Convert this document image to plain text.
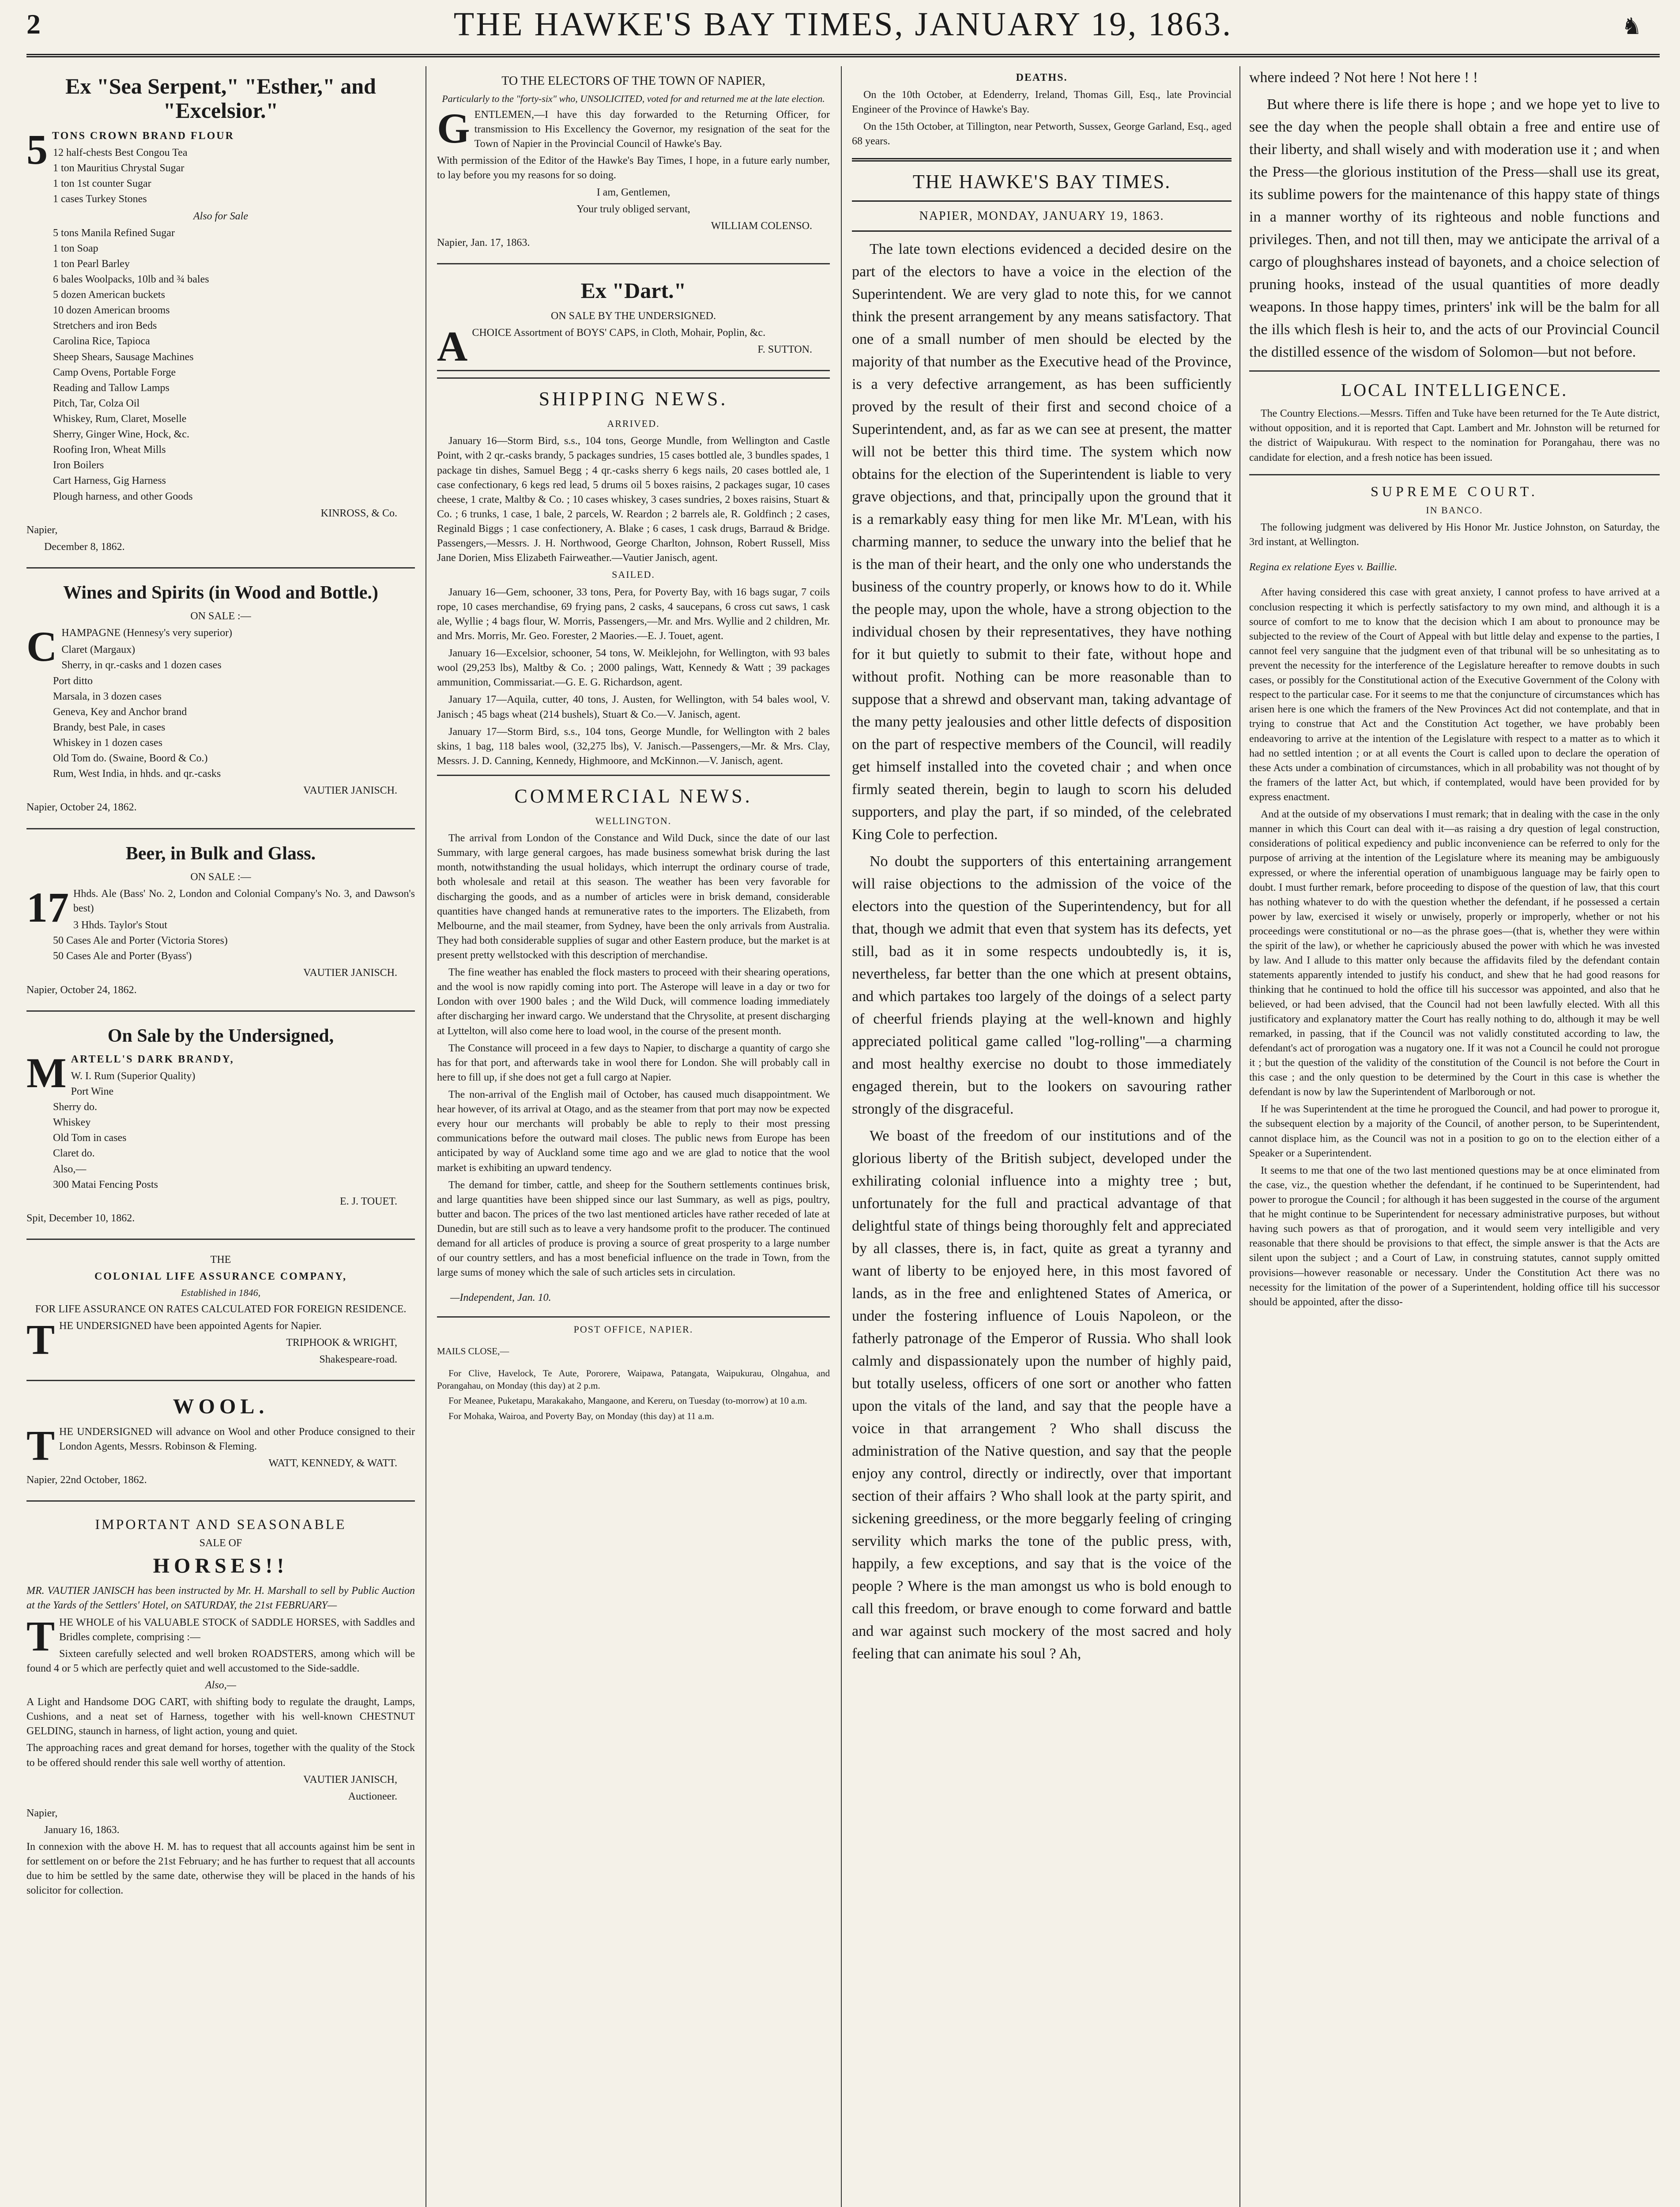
2	THE HAWKE'S BAY TIMES, JANUARY 19, 1863.	♞
Ex "Sea Serpent," "Esther," and "Excelsior."

5 TONS CROWN BRAND FLOUR

12 half-chests Best Congou Tea
1 ton Mauritius Chrystal Sugar
1 ton 1st counter Sugar
1 cases Turkey Stones

Also for Sale

5 tons Manila Refined Sugar
1 ton Soap
1 ton Pearl Barley
6 bales Woolpacks, 10lb and ¾ bales
5 dozen American buckets
10 dozen American brooms
Stretchers and iron Beds
Carolina Rice, Tapioca
Sheep Shears, Sausage Machines
Camp Ovens, Portable Forge
Reading and Tallow Lamps
Pitch, Tar, Colza Oil
Whiskey, Rum, Claret, Moselle
Sherry, Ginger Wine, Hock, &c.
Roofing Iron, Wheat Mills
Iron Boilers
Cart Harness, Gig Harness
Plough harness, and other Goods

KINROSS, & Co.

Napier,

December 8, 1862.

Wines and Spirits (in Wood and Bottle.)

ON SALE :—

CHAMPAGNE (Hennesy's very superior)

Claret (Margaux)
Sherry, in qr.-casks and 1 dozen cases
Port ditto
Marsala, in 3 dozen cases
Geneva, Key and Anchor brand
Brandy, best Pale, in cases
Whiskey in 1 dozen cases
Old Tom do. (Swaine, Boord & Co.)
Rum, West India, in hhds. and qr.-casks

VAUTIER JANISCH.

Napier, October 24, 1862.

Beer, in Bulk and Glass.

ON SALE :—

17 Hhds. Ale (Bass' No. 2, London and Colonial Company's No. 3, and Dawson's best)

3 Hhds. Taylor's Stout
50 Cases Ale and Porter (Victoria Stores)
50 Cases Ale and Porter (Byass')

VAUTIER JANISCH.

Napier, October 24, 1862.

On Sale by the Undersigned,

MARTELL'S DARK BRANDY,

W. I. Rum (Superior Quality)
Port Wine
Sherry do.
Whiskey
Old Tom in cases
Claret do.
Also,—
300 Matai Fencing Posts

E. J. TOUET.

Spit, December 10, 1862.

THE

COLONIAL LIFE ASSURANCE COMPANY,

Established in 1846,

FOR LIFE ASSURANCE ON RATES CALCULATED FOR FOREIGN RESIDENCE.

THE UNDERSIGNED have been appointed Agents for Napier.

TRIPHOOK & WRIGHT,

Shakespeare-road.

WOOL.

THE UNDERSIGNED will advance on Wool and other Produce consigned to their London Agents, Messrs. Robinson & Fleming.

WATT, KENNEDY, & WATT.

Napier, 22nd October, 1862.

IMPORTANT AND SEASONABLE

SALE OF

HORSES!!

MR. VAUTIER JANISCH has been instructed by Mr. H. Marshall to sell by Public Auction at the Yards of the Settlers' Hotel, on SATURDAY, the 21st FEBRUARY—

THE WHOLE of his VALUABLE STOCK of SADDLE HORSES, with Saddles and Bridles complete, comprising :—

Sixteen carefully selected and well broken ROADSTERS, among which will be found 4 or 5 which are perfectly quiet and well accustomed to the Side-saddle.

Also,—

A Light and Handsome DOG CART, with shifting body to regulate the draught, Lamps, Cushions, and a neat set of Harness, together with his well-known CHESTNUT GELDING, staunch in harness, of light action, young and quiet.

The approaching races and great demand for horses, together with the quality of the Stock to be offered should render this sale well worthy of attention.

VAUTIER JANISCH,

Auctioneer.

Napier,

January 16, 1863.

In connexion with the above H. M. has to request that all accounts against him be sent in for settlement on or before the 21st February; and he has further to request that all accounts due to him be settled by the same date, otherwise they will be placed in the hands of his solicitor for collection.

TO THE ELECTORS OF THE TOWN OF NAPIER,

Particularly to the "forty-six" who, UNSOLICITED, voted for and returned me at the late election.

GENTLEMEN,—I have this day forwarded to the Returning Officer, for transmission to His Excellency the Governor, my resignation of the seat for the Town of Napier in the Provincial Council of Hawke's Bay.

With permission of the Editor of the Hawke's Bay Times, I hope, in a future early number, to lay before you my reasons for so doing.

I am, Gentlemen,

Your truly obliged servant,

WILLIAM COLENSO.

Napier, Jan. 17, 1863.

Ex "Dart."

ON SALE BY THE UNDERSIGNED.

ACHOICE Assortment of BOYS' CAPS, in Cloth, Mohair, Poplin, &c.

F. SUTTON.

SHIPPING NEWS.
ARRIVED.

January 16—Storm Bird, s.s., 104 tons, George Mundle, from Wellington and Castle Point, with 2 qr.-casks brandy, 5 packages sundries, 15 cases bottled ale, 3 bundles spades, 1 package tin dishes, Samuel Begg ; 4 qr.-casks sherry 6 kegs nails, 20 cases bottled ale, 1 case confectionary, 6 kegs red lead, 5 drums oil 5 boxes raisins, 2 packages sugar, 10 cases cheese, 1 crate, Maltby & Co. ; 10 cases whiskey, 3 cases sundries, 2 boxes raisins, Stuart & Co. ; 6 trunks, 1 case, 1 bale, 2 parcels, W. Reardon ; 2 barrels ale, R. Goldfinch ; 2 cases, Reginald Biggs ; 1 case confectionery, A. Blake ; 6 cases, 1 cask drugs, Barraud & Bridge. Passengers,—Messrs. J. H. Northwood, George Charlton, Johnson, Robert Russell, Miss Jane Dorien, Miss Elizabeth Fairweather.—Vautier Janisch, agent.

SAILED.

January 16—Gem, schooner, 33 tons, Pera, for Poverty Bay, with 16 bags sugar, 7 coils rope, 10 cases merchandise, 69 frying pans, 2 casks, 4 saucepans, 6 cross cut saws, 1 cask ale, Wyllie ; 4 bags flour, W. Morris, Passengers,—Mr. and Mrs. Wyllie and 2 children, Mr. and Mrs. Morris, Mr. Geo. Forester, 2 Maories.—E. J. Touet, agent.

January 16—Excelsior, schooner, 54 tons, W. Meiklejohn, for Wellington, with 93 bales wool (29,253 lbs), Maltby & Co. ; 2000 palings, Watt, Kennedy & Watt ; 39 packages ammunition, Commissariat.—G. E. G. Richardson, agent.

January 17—Aquila, cutter, 40 tons, J. Austen, for Wellington, with 54 bales wool, V. Janisch ; 45 bags wheat (214 bushels), Stuart & Co.—V. Janisch, agent.

January 17—Storm Bird, s.s., 104 tons, George Mundle, for Wellington with 2 bales skins, 1 bag, 118 bales wool, (32,275 lbs), V. Janisch.—Passengers,—Mr. & Mrs. Clay, Messrs. J. D. Canning, Kennedy, Highmoore, and McKinnon.—V. Janisch, agent.

COMMERCIAL NEWS.
WELLINGTON.

The arrival from London of the Constance and Wild Duck, since the date of our last Summary, with large general cargoes, has made business somewhat brisk during the last month, notwithstanding the usual holidays, which interrupt the ordinary course of trade, both wholesale and retail at this season. The weather has been very favorable for discharging the goods, and as a number of articles were in brisk demand, considerable quantities have changed hands at remunerative rates to the importers. The Elizabeth, from Melbourne, and the mail steamer, from Sydney, have been the only arrivals from Australia. They had both considerable supplies of sugar and other Eastern produce, but the market is at present pretty wellstocked with this description of merchandise.

The fine weather has enabled the flock masters to proceed with their shearing operations, and the wool is now rapidly coming into port. The Asterope will leave in a day or two for London with over 1900 bales ; and the Wild Duck, will commence loading immediately after discharging her inward cargo. We understand that the Chrysolite, at present discharging at Lyttelton, will also come here to load wool, in the course of the present month.

The Constance will proceed in a few days to Napier, to discharge a quantity of cargo she has for that port, and afterwards take in wool there for London. She will probably call in here to fill up, if she does not get a full cargo at Napier.

The non-arrival of the English mail of October, has caused much disappointment. We hear however, of its arrival at Otago, and as the steamer from that port may now be expected every hour our merchants will probably be able to reply to their most pressing communications before the outward mail closes. The public news from Europe has been anticipated by way of Auckland some time ago and we are glad to notice that the wool market is exhibiting an upward tendency.

The demand for timber, cattle, and sheep for the Southern settlements continues brisk, and large quantities have been shipped since our last Summary, as well as pigs, poultry, butter and bacon. The prices of the two last mentioned articles have rather receded of late at Dunedin, but are still such as to leave a very handsome profit to the producer. The continued demand for all articles of produce is proving a source of great prosperity to a large number of our country settlers, and has a most beneficial influence on the trade in Town, from the large sums of money which the sale of such articles sets in circulation.

—Independent, Jan. 10.

POST OFFICE, NAPIER.

MAILS CLOSE,—

For Clive, Havelock, Te Aute, Pororere, Waipawa, Patangata, Waipukurau, Olngahua, and Porangahau, on Monday (this day) at 2 p.m.

For Meanee, Puketapu, Marakakaho, Mangaone, and Kereru, on Tuesday (to-morrow) at 10 a.m.

For Mohaka, Wairoa, and Poverty Bay, on Monday (this day) at 11 a.m.

DEATHS.

On the 10th October, at Edenderry, Ireland, Thomas Gill, Esq., late Provincial Engineer of the Province of Hawke's Bay.

On the 15th October, at Tillington, near Petworth, Sussex, George Garland, Esq., aged 68 years.

THE HAWKE'S BAY TIMES.
NAPIER, MONDAY, JANUARY 19, 1863.

The late town elections evidenced a decided desire on the part of the electors to have a voice in the election of the Superintendent. We are very glad to note this, for we cannot think the present arrangement by any means satisfactory. That one of a small number of men should be elected by the majority of that number as the Executive head of the Province, is a very defective arrangement, as has been sufficiently proved by the result of their first and second choice of a Superintendent, and, as far as we can see at present, the matter will not be better this third time. The system which now obtains for the election of the Superintendent is liable to very grave objections, and that, principally upon the ground that it is a remarkably easy thing for men like Mr. M'Lean, with his charming manner, to seduce the unwary into the belief that he is the man of their heart, and the only one who understands the business of the country properly, or knows how to do it. While the people may, upon the whole, have a strong objection to the individual chosen by their representatives, they have nothing for it but quietly to submit to their fate, without hope and without profit. Nothing can be more reasonable than to suppose that a shrewd and observant man, taking advantage of the many petty jealousies and other little defects of disposition on the part of respective members of the Council, will readily get himself installed into the coveted chair ; and when once firmly seated therein, begin to laugh to scorn his deluded supporters, and play the part, if so minded, of the celebrated King Cole to perfection.

No doubt the supporters of this entertaining arrangement will raise objections to the admission of the voice of the electors into the question of the Superintendency, but for all that, though we admit that even that system has its defects, yet still, bad as it in some respects undoubtedly is, it is, nevertheless, far better than the one which at present obtains, and which partakes too largely of the doings of a select party of cheerful friends playing at the well-known and highly appreciated political game called "log-rolling"—a charming and most healthy exercise no doubt to those immediately engaged therein, but to the lookers on savouring rather strongly of the disgraceful.

We boast of the freedom of our institutions and of the glorious liberty of the British subject, developed under the exhilirating colonial influence into a mighty tree ; but, unfortunately for the full and practical advantage of that delightful state of things being thoroughly felt and appreciated by all classes, there is, in fact, quite as great a tyranny and want of liberty to be enjoyed here, in this most favored of lands, as in the free and enlightened States of America, or under the fostering influence of Louis Napoleon, or the fatherly patronage of the Emperor of Russia. Who shall look calmly and dispassionately upon the number of highly paid, but totally useless, officers of one sort or another who fatten upon the vitals of the land, and say that the people have a voice in that arrangement ? Who shall discuss the administration of the Native question, and say that the people enjoy any control, directly or indirectly, over that important section of their affairs ? Who shall look at the party spirit, and sickening greediness, or the more beggarly feeling of cringing servility which marks the tone of the public press, with, happily, a few exceptions, and say that is the voice of the people ? Where is the man amongst us who is bold enough to call this freedom, or brave enough to come forward and battle and war against such mockery of the most sacred and holy feeling that can animate his soul ? Ah,

where indeed ? Not here ! Not here ! !

But where there is life there is hope ; and we hope yet to live to see the day when the people shall obtain a free and entire use of their liberty, and shall wisely and with moderation use it ; and when the Press—the glorious institution of the Press—shall use its great, its sublime powers for the maintenance of this happy state of things in a manner worthy of its righteous and noble functions and privileges. Then, and not till then, may we anticipate the arrival of a cargo of ploughshares instead of bayonets, and a choice selection of pruning hooks, instead of the usual quantities of more deadly weapons. In those happy times, printers' ink will be the balm for all the ills which flesh is heir to, and the acts of our Provincial Council the distilled essence of the wisdom of Solomon—but not before.

LOCAL INTELLIGENCE.

The Country Elections.—Messrs. Tiffen and Tuke have been returned for the Te Aute district, without opposition, and it is reported that Capt. Lambert and Mr. Johnston will be returned for the district of Waipukurau. With respect to the nomination for Porangahau, there was no candidate for election, and a fresh notice has been issued.

SUPREME COURT.
IN BANCO.

The following judgment was delivered by His Honor Mr. Justice Johnston, on Saturday, the 3rd instant, at Wellington.

Regina ex relatione Eyes v. Baillie.

After having considered this case with great anxiety, I cannot profess to have arrived at a conclusion respecting it which is perfectly satisfactory to my own mind, and although it is a source of comfort to me to know that the decision which I am about to pronounce may be subjected to the review of the Court of Appeal with but little delay and expense to the parties, I cannot feel very sanguine that the judgment even of that tribunal will be so unhesitating as to prevent the necessity for the interference of the Legislature hereafter to remove doubts in such cases, or possibly for the Constitutional action of the Executive Government of the Colony with respect to the particular case. For it seems to me that the conjuncture of circumstances which has arisen here is one which the framers of the New Provinces Act did not contemplate, and that in trying to construe that Act and the Constitution Act together, we have probably been endeavoring to arrive at the intention of the Legislature with respect to a matter as to which it had no settled intention ; or at all events the Court is called upon to declare the operation of these Acts under a combination of circumstances, which in all probability was not thought of by the framers of the latter Act, but which, if contemplated, would have been provided for by express enactment.

And at the outside of my observations I must remark; that in dealing with the case in the only manner in which this Court can deal with it—as raising a dry question of legal construction, considerations of political expediency and public inconvenience can be referred to only for the purpose of arriving at the intention of the Legislature where its meaning may be ambiguously expressed, or where the inferential operation of unambiguous language may be fairly open to doubt. I must further remark, before proceeding to dispose of the question of law, that this court has nothing whatever to do with the question whether the defendant, if he possessed a certain power by law, exercised it wisely or unwisely, properly or improperly, whether or not his proceedings were constitutional or no—as the phrase goes—(that is, whether they were within the spirit of the law), or whether he capriciously abused the power with which he was invested by law. And I allude to this matter only because the affidavits filed by the defendant contain statements apparently intended to justify his conduct, and shew that he had good reasons for thinking that he continued to hold the office till his successor was appointed, and also that he believed, or had been advised, that the Council had not been lawfully elected. With all this justificatory and explanatory matter the Court has really nothing to do, although it may be well remarked, in passing, that if the Council was not validly constituted according to law, the defendant's act of prorogation was a nugatory one. If it was not a Council he could not prorogue it ; but the question of the validity of the constitution of the Council is not before the Court in this case ; and the only question to be determined by the Court in this case is whether the defendant is now by law the Superintendent of Marlborough or not.

If he was Superintendent at the time he prorogued the Council, and had power to prorogue it, the subsequent election by a majority of the Council, of another person, to be Superintendent, cannot displace him, as the Council was not in a position to go on to the election either of a Speaker or a Superintendent.

It seems to me that one of the two last mentioned questions may be at once eliminated from the case, viz., the question whether the defendant, if he continued to be Superintendent, had power to prorogue the Council ; for although it has been suggested in the course of the argument that he might continue to be Superintendent for necessary administrative purposes, but without having such powers as that of prorogation, and it would seem very intelligible and very reasonable that there should be provisions to that effect, the simple answer is that the Acts are silent upon the subject ; and a Court of Law, in construing statutes, cannot supply omitted provisions—however reasonable or necessary. Under the Constitution Act there was no necessity for the limitation of the power of a Superintendent, holding office till his successor should be appointed, after the disso-
